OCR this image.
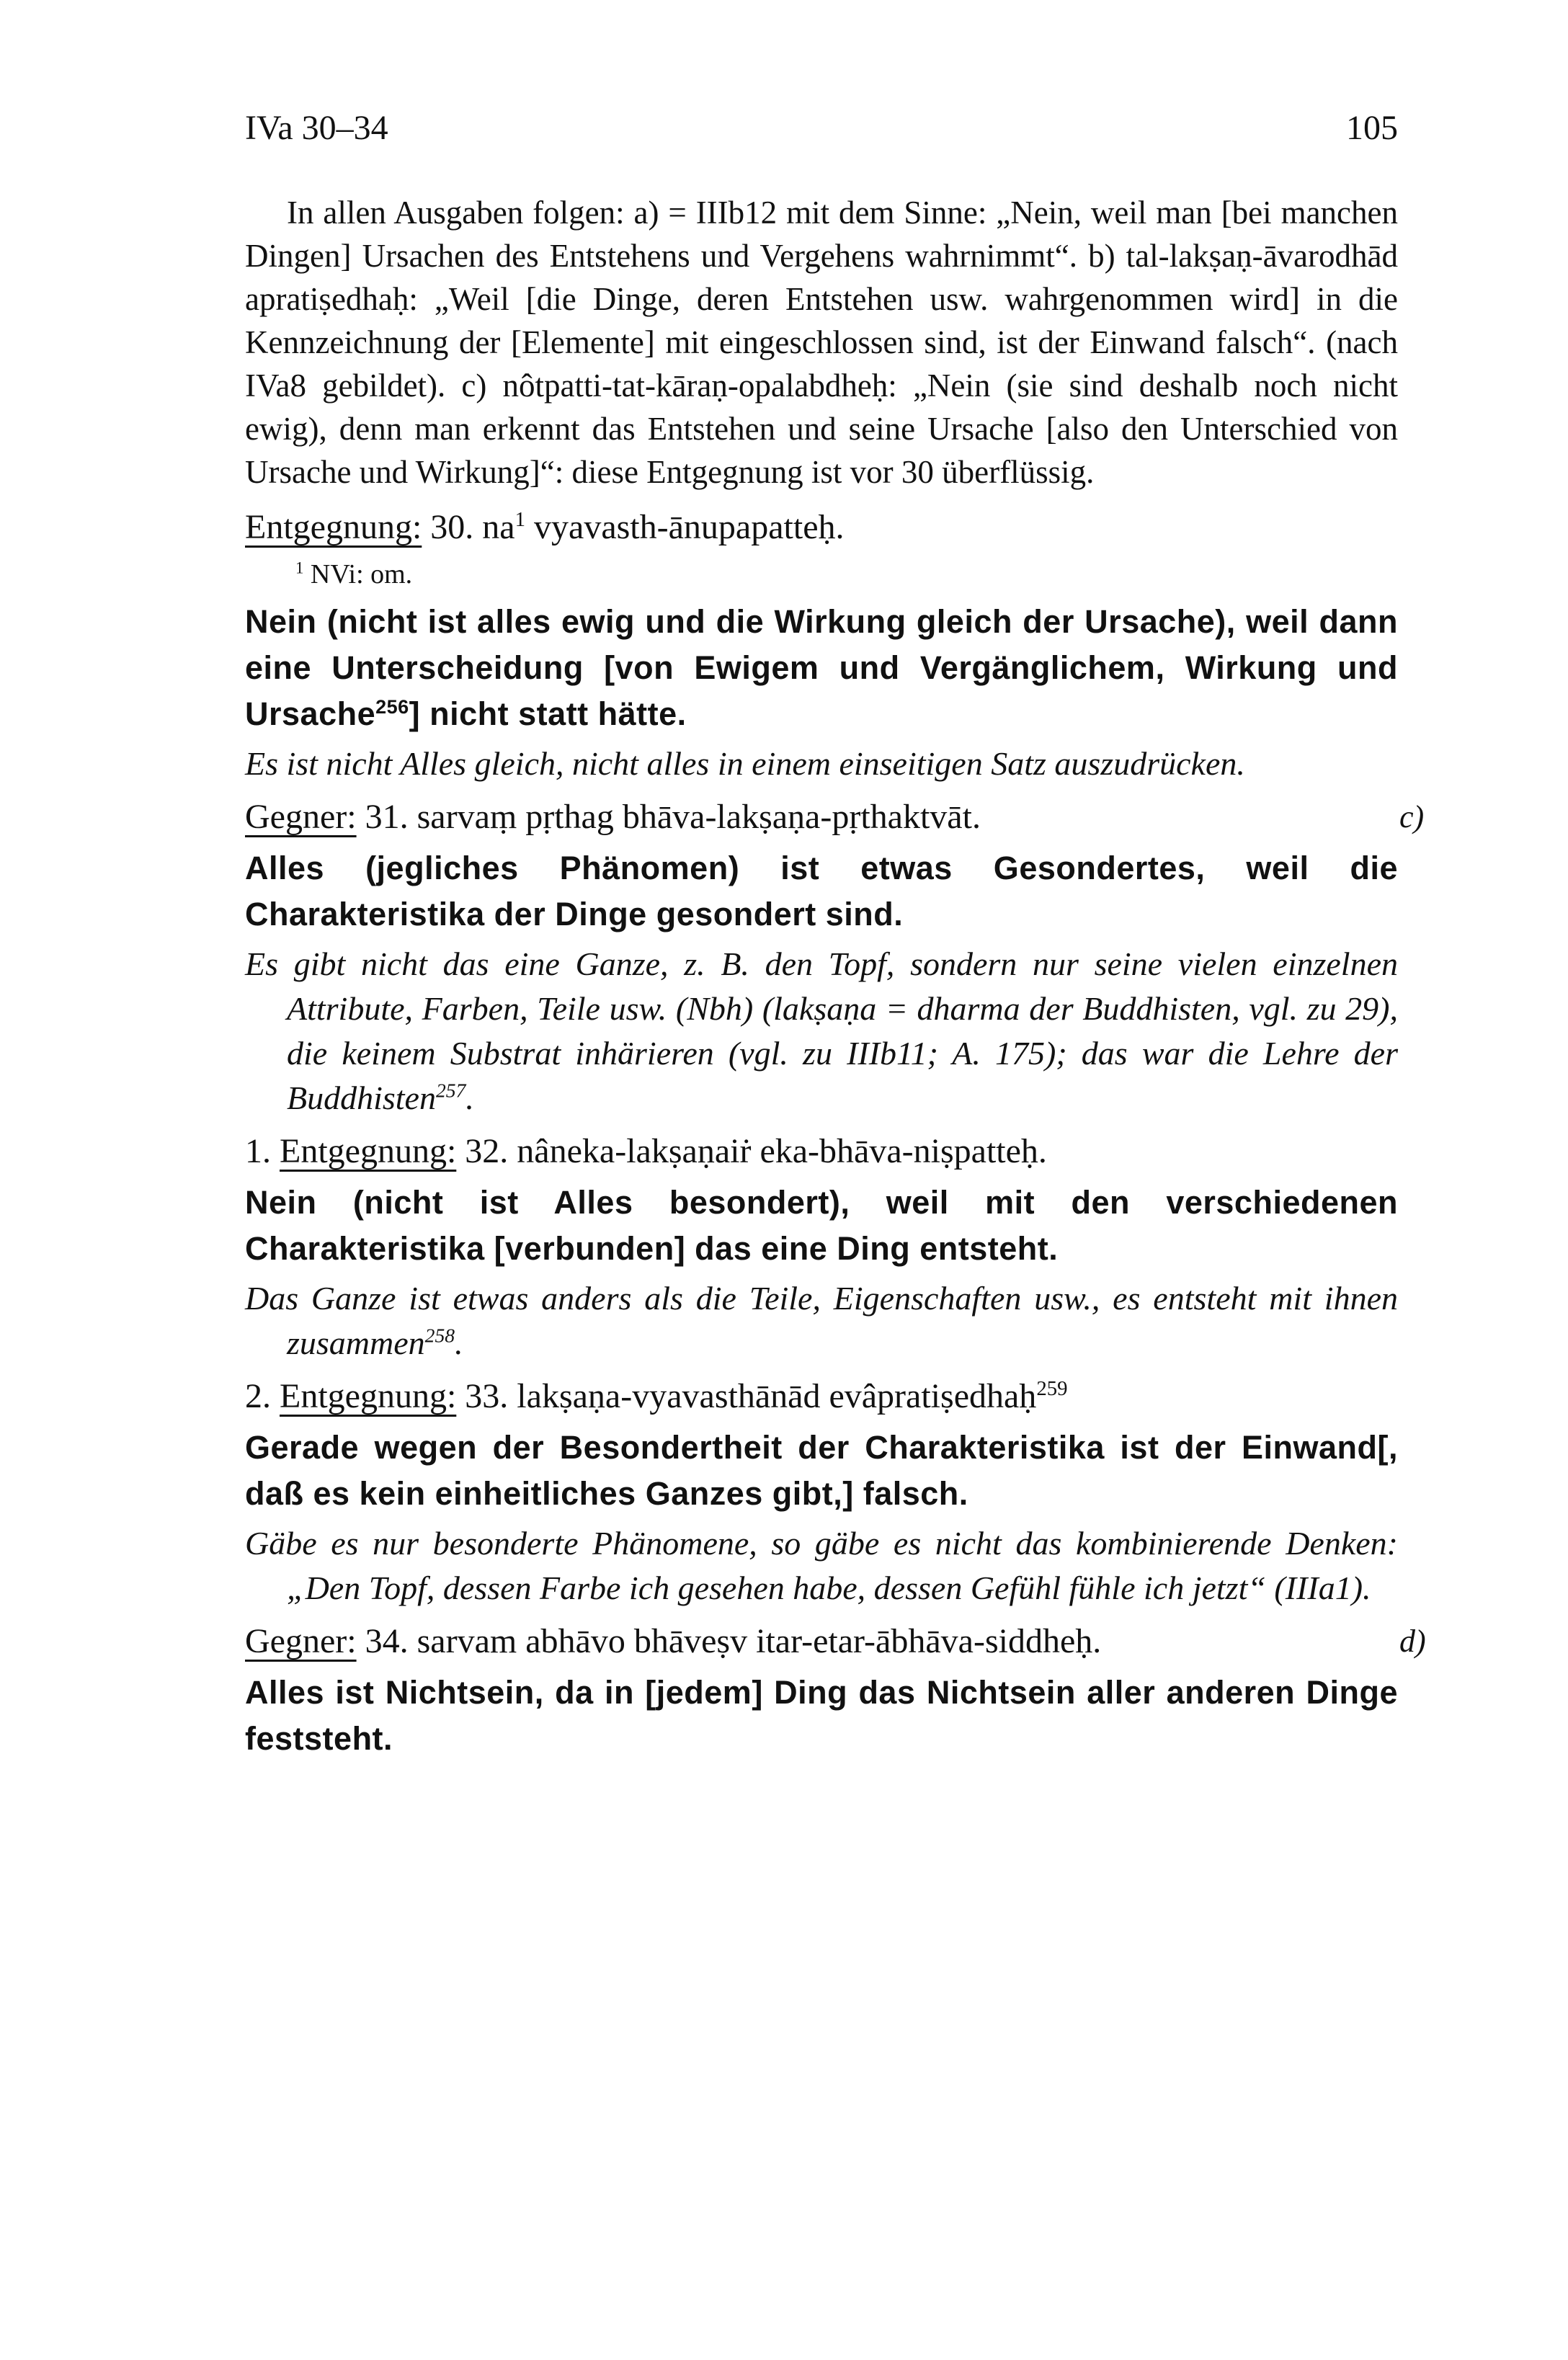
IVa 30–34	105

In allen Ausgaben folgen: a) = IIIb12 mit dem Sinne: „Nein, weil man [bei manchen Dingen] Ursachen des Entstehens und Vergehens wahrnimmt“. b) tal-lakṣaṇ-āvarodhād apratiṣedhaḥ: „Weil [die Dinge, deren Entstehen usw. wahrgenommen wird] in die Kennzeichnung der [Elemente] mit eingeschlossen sind, ist der Einwand falsch“. (nach IVa8 gebildet). c) nôtpatti-tat-kāraṇ-opalabdheḥ: „Nein (sie sind deshalb noch nicht ewig), denn man erkennt das Entstehen und seine Ursache [also den Unterschied von Ursache und Wirkung]“: diese Entgegnung ist vor 30 überflüssig.

Entgegnung: 30. $na^1$ vyavasth-ānupapatteḥ.

$^1$ NVi: om.

Nein (nicht ist alles ewig und die Wirkung gleich der Ursache), weil dann eine Unterscheidung [von Ewigem und Vergänglichem, Wirkung und Ursache$^{256}$] nicht statt hätte.

Es ist nicht Alles gleich, nicht alles in einem einseitigen Satz auszudrücken.

Gegner: 31. sarvaṃ pṛthag bhāva-lakṣaṇa-pṛthaktvāt.	c)

Alles (jegliches Phänomen) ist etwas Gesondertes, weil die Charakteristika der Dinge gesondert sind.

Es gibt nicht das eine Ganze, z. B. den Topf, sondern nur seine vielen einzelnen Attribute, Farben, Teile usw. (Nbh) (lakṣaṇa = dharma der Buddhisten, vgl. zu 29), die keinem Substrat inhärieren (vgl. zu IIIb11; A. 175); das war die Lehre der Buddhisten$^{257}$.

1. Entgegnung: 32. nâneka-lakṣaṇaiṙ eka-bhāva-niṣpatteḥ.

Nein (nicht ist Alles besondert), weil mit den verschiedenen Charakteristika [verbunden] das eine Ding entsteht.

Das Ganze ist etwas anders als die Teile, Eigenschaften usw., es entsteht mit ihnen zusammen$^{258}$.

2. Entgegnung: 33. lakṣaṇa-vyavasthānād evâpratiṣedhaḥ$^{259}$

Gerade wegen der Besondertheit der Charakteristika ist der Einwand[, daß es kein einheitliches Ganzes gibt,] falsch.

Gäbe es nur besonderte Phänomene, so gäbe es nicht das kombinierende Denken: „Den Topf, dessen Farbe ich gesehen habe, dessen Gefühl fühle ich jetzt“ (IIIa1).

Gegner: 34. sarvam abhāvo bhāveṣv itar-etar-ābhāva-siddheḥ.	d)

Alles ist Nichtsein, da in [jedem] Ding das Nichtsein aller anderen Dinge feststeht.
